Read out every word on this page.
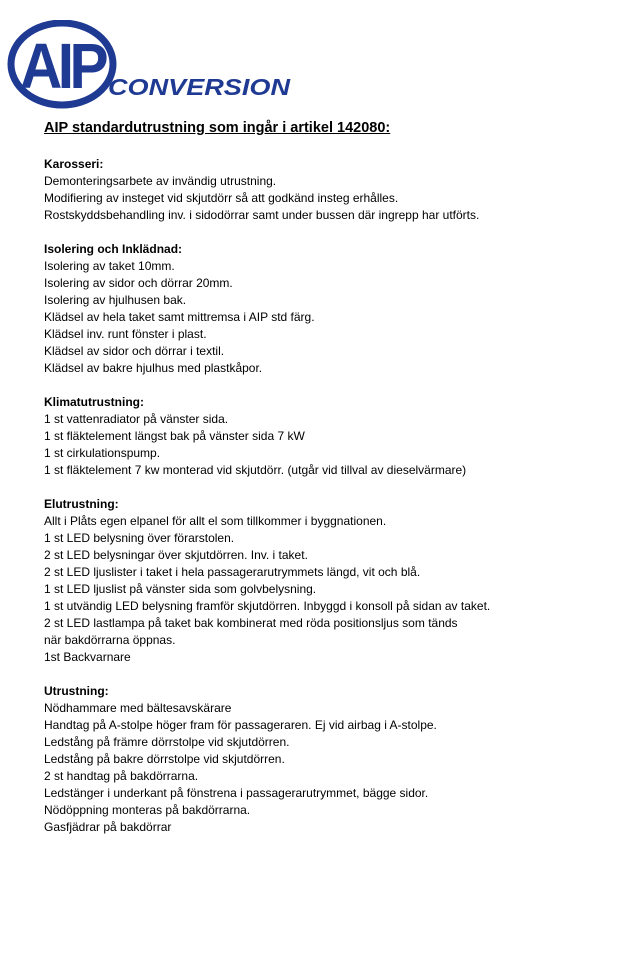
AIP CONVERSION
AIP standardutrustning som ingår i artikel 142080:
Karosseri:
Demonteringsarbete av invändig utrustning.
Modifiering av insteget vid skjutdörr så att godkänd insteg erhålles.
Rostskyddsbehandling inv. i sidodörrar samt under bussen där ingrepp har utförts.
Isolering och Inklädnad:
Isolering av taket 10mm.
Isolering av sidor och dörrar 20mm.
Isolering av hjulhusen bak.
Klädsel av hela taket samt mittremsa i AIP std färg.
Klädsel inv. runt fönster i plast.
Klädsel av sidor och dörrar i textil.
Klädsel av bakre hjulhus med plastkåpor.
Klimatutrustning:
1 st vattenradiator på vänster sida.
1 st fläktelement längst bak på vänster sida 7 kW
1 st cirkulationspump.
1 st fläktelement 7 kw monterad vid skjutdörr. (utgår vid tillval av dieselvärmare)
Elutrustning:
Allt i Plåts egen elpanel för allt el som tillkommer i byggnationen.
1 st LED belysning över förarstolen.
2 st LED belysningar över skjutdörren. Inv. i taket.
2 st LED ljuslister i taket i hela passagerarutrymmets längd, vit och blå.
1 st LED ljuslist på vänster sida som golvbelysning.
1 st utvändig LED belysning framför skjutdörren. Inbyggd i konsoll på sidan av taket.
2 st LED lastlampa på taket bak kombinerat med röda positionsljus som tänds
när bakdörrarna öppnas.
1st Backvarnare
Utrustning:
Nödhammare med bältesavskärare
Handtag på A-stolpe höger fram för passageraren. Ej vid airbag i A-stolpe.
Ledstång på främre dörrstolpe vid skjutdörren.
Ledstång på bakre dörrstolpe vid skjutdörren.
2 st handtag på bakdörrarna.
Ledstänger i underkant på fönstrena i passagerarutrymmet, bägge sidor.
Nödöppning monteras på bakdörrarna.
Gasfjädrar på bakdörrar
